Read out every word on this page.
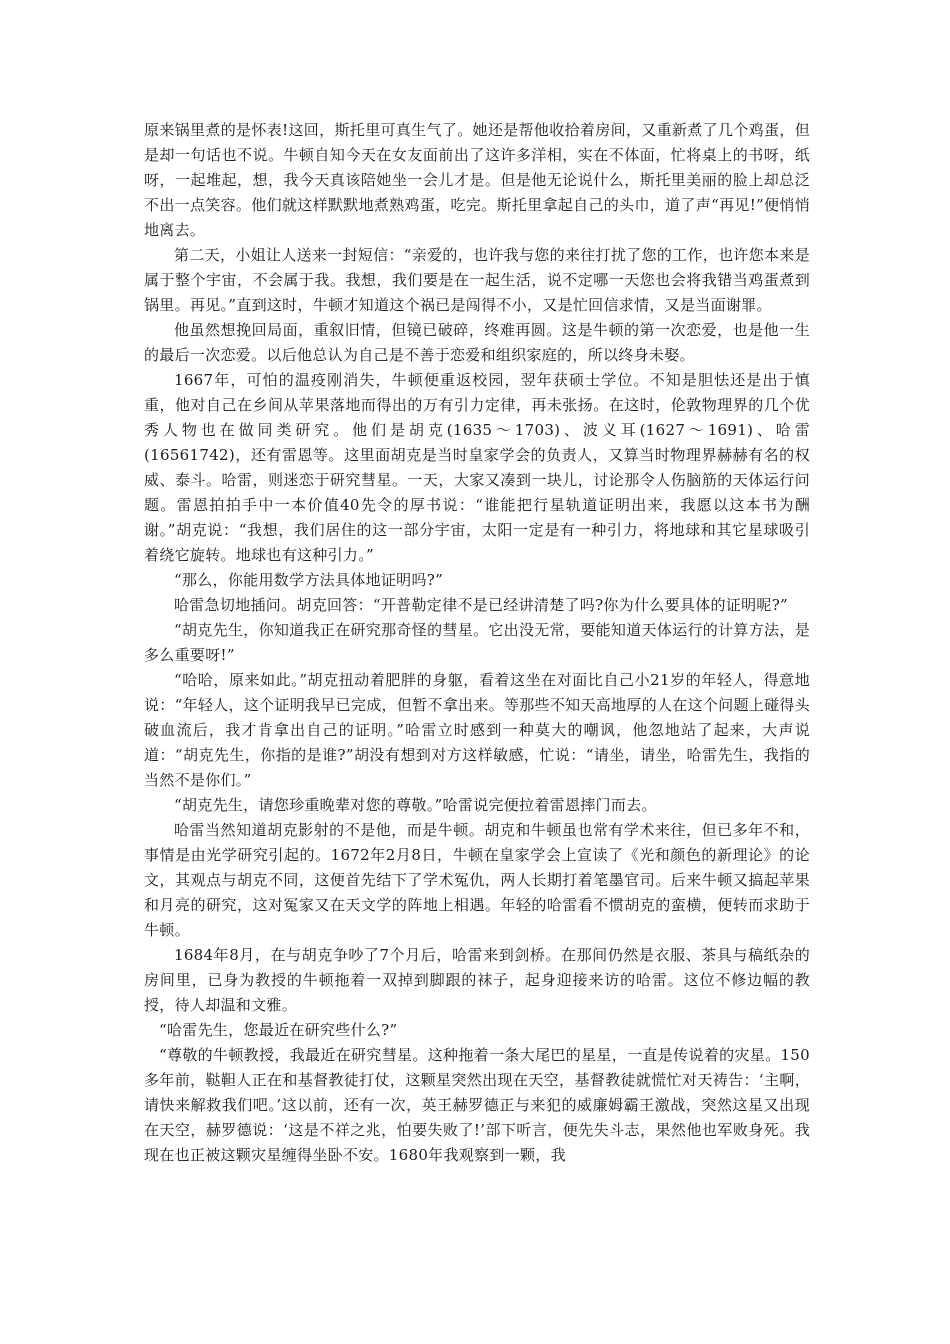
原来锅里煮的是怀表!这回，斯托里可真生气了。她还是帮他收拾着房间，又重新煮了几个鸡蛋，但是却一句话也不说。牛顿自知今天在女友面前出了这许多洋相，实在不体面，忙将桌上的书呀，纸呀，一起堆起，想，我今天真该陪她坐一会儿才是。但是他无论说什么，斯托里美丽的脸上却总泛不出一点笑容。他们就这样默默地煮熟鸡蛋，吃完。斯托里拿起自己的头巾，道了声“再见!”便悄悄地离去。

第二天，小姐让人送来一封短信：“亲爱的，也许我与您的来往打扰了您的工作，也许您本来是属于整个宇宙，不会属于我。我想，我们要是在一起生活，说不定哪一天您也会将我错当鸡蛋煮到锅里。再见。”直到这时，牛顿才知道这个祸已是闯得不小，又是忙回信求情，又是当面谢罪。

他虽然想挽回局面，重叙旧情，但镜已破碎，终难再圆。这是牛顿的第一次恋爱，也是他一生的最后一次恋爱。以后他总认为自己是不善于恋爱和组织家庭的，所以终身未娶。

1667年，可怕的温疫刚消失，牛顿便重返校园，翌年获硕士学位。不知是胆怯还是出于慎重，他对自己在乡间从苹果落地而得出的万有引力定律，再未张扬。在这时，伦敦物理界的几个优秀人物也在做同类研究。他们是胡克(1635～1703)、波义耳(1627～1691)、哈雷(16561742)，还有雷恩等。这里面胡克是当时皇家学会的负责人，又算当时物理界赫赫有名的权威、泰斗。哈雷，则迷恋于研究彗星。一天，大家又凑到一块儿，讨论那令人伤脑筋的天体运行问题。雷恩拍拍手中一本价值40先令的厚书说：“谁能把行星轨道证明出来，我愿以这本书为酬谢。”胡克说：“我想，我们居住的这一部分宇宙，太阳一定是有一种引力，将地球和其它星球吸引着绕它旋转。地球也有这种引力。”

“那么，你能用数学方法具体地证明吗?”

哈雷急切地插问。胡克回答：“开普勒定律不是已经讲清楚了吗?你为什么要具体的证明呢?”

“胡克先生，你知道我正在研究那奇怪的彗星。它出没无常，要能知道天体运行的计算方法，是多么重要呀!”

“哈哈，原来如此。”胡克扭动着肥胖的身躯，看着这坐在对面比自己小21岁的年轻人，得意地说：“年轻人，这个证明我早已完成，但暂不拿出来。等那些不知天高地厚的人在这个问题上碰得头破血流后，我才肯拿出自己的证明。”哈雷立时感到一种莫大的嘲讽，他忽地站了起来，大声说道：“胡克先生，你指的是谁?”胡没有想到对方这样敏感，忙说：“请坐，请坐，哈雷先生，我指的当然不是你们。”

“胡克先生，请您珍重晚辈对您的尊敬。”哈雷说完便拉着雷恩摔门而去。

哈雷当然知道胡克影射的不是他，而是牛顿。胡克和牛顿虽也常有学术来往，但已多年不和，事情是由光学研究引起的。1672年2月8日，牛顿在皇家学会上宣读了《光和颜色的新理论》的论文，其观点与胡克不同，这便首先结下了学术冤仇，两人长期打着笔墨官司。后来牛顿又搞起苹果和月亮的研究，这对冤家又在天文学的阵地上相遇。年轻的哈雷看不惯胡克的蛮横，便转而求助于牛顿。

1684年8月，在与胡克争吵了7个月后，哈雷来到剑桥。在那间仍然是衣服、茶具与稿纸杂的房间里，已身为教授的牛顿拖着一双掉到脚跟的袜子，起身迎接来访的哈雷。这位不修边幅的教授，待人却温和文雅。

“哈雷先生，您最近在研究些什么?”

“尊敬的牛顿教授，我最近在研究彗星。这种拖着一条大尾巴的星星，一直是传说着的灾星。150多年前，鞑靼人正在和基督教徒打仗，这颗星突然出现在天空，基督教徒就慌忙对天祷告：‘主啊，请快来解救我们吧。’这以前，还有一次，英王赫罗德正与来犯的威廉姆霸王激战，突然这星又出现在天空，赫罗德说：‘这是不祥之兆，怕要失败了!’部下听言，便先失斗志，果然他也军败身死。我现在也正被这颗灾星缠得坐卧不安。1680年我观察到一颗，我
